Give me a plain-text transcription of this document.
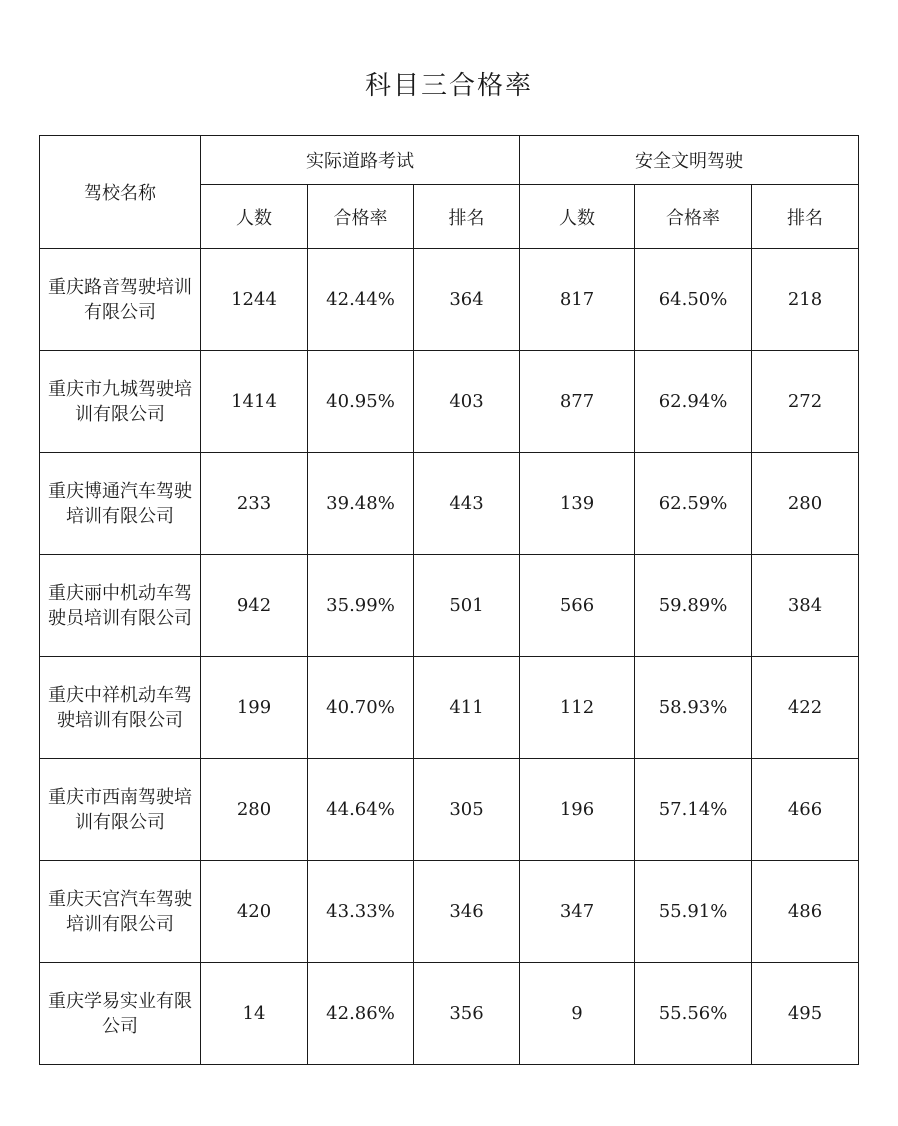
科目三合格率
驾校名称	实际道路考试			安全文明驾驶		
	人数	合格率	排名	人数	合格率	排名
重庆路音驾驶培训有限公司	1244	42.44%	364	817	64.50%	218
重庆市九城驾驶培训有限公司	1414	40.95%	403	877	62.94%	272
重庆博通汽车驾驶培训有限公司	233	39.48%	443	139	62.59%	280
重庆丽中机动车驾驶员培训有限公司	942	35.99%	501	566	59.89%	384
重庆中祥机动车驾驶培训有限公司	199	40.70%	411	112	58.93%	422
重庆市西南驾驶培训有限公司	280	44.64%	305	196	57.14%	466
重庆天宫汽车驾驶培训有限公司	420	43.33%	346	347	55.91%	486
重庆学易实业有限公司	14	42.86%	356	9	55.56%	495
